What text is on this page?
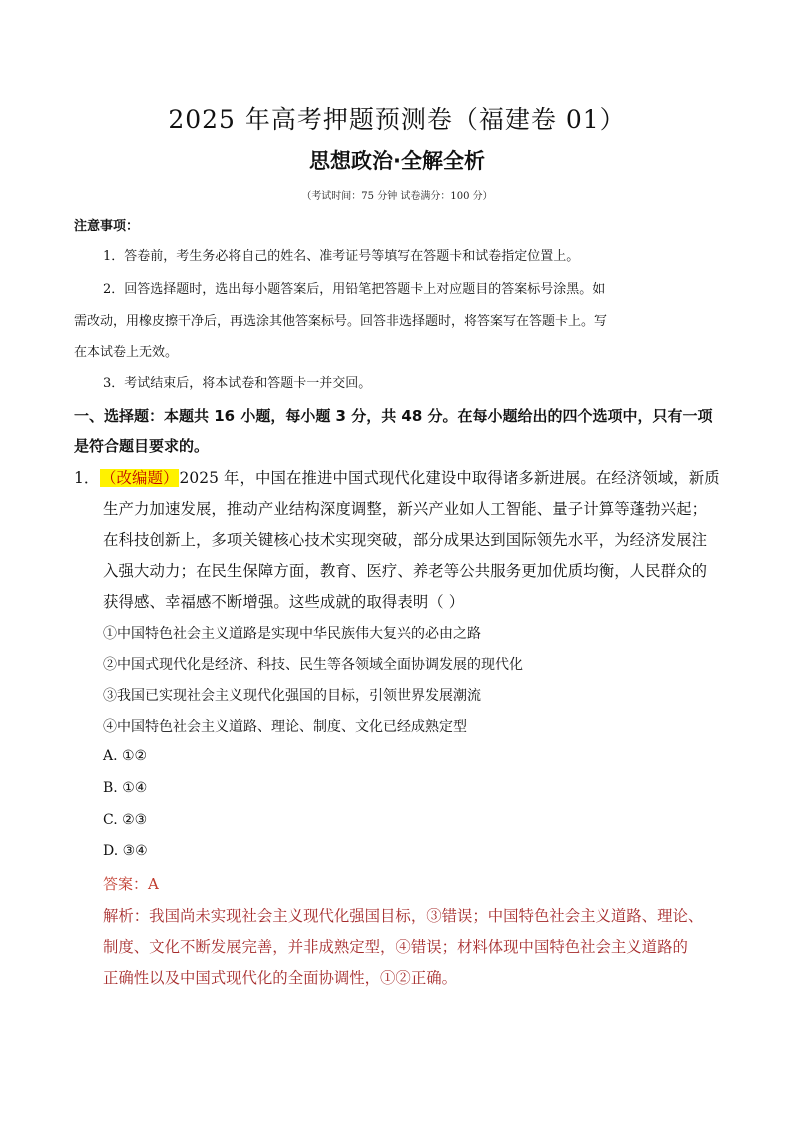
2025 年高考押题预测卷（福建卷 01）
思想政治·全解全析
（考试时间：75 分钟 试卷满分：100 分）
注意事项：
1．答卷前，考生务必将自己的姓名、准考证号等填写在答题卡和试卷指定位置上。
2．回答选择题时，选出每小题答案后，用铅笔把答题卡上对应题目的答案标号涂黑。如
需改动，用橡皮擦干净后，再选涂其他答案标号。回答非选择题时，将答案写在答题卡上。写
在本试卷上无效。
3．考试结束后，将本试卷和答题卡一并交回。
一、选择题：本题共 16 小题，每小题 3 分，共 48 分。在每小题给出的四个选项中，只有一项
是符合题目要求的。
1． （改编题）2025 年，中国在推进中国式现代化建设中取得诸多新进展。在经济领域，新质
生产力加速发展，推动产业结构深度调整，新兴产业如人工智能、量子计算等蓬勃兴起；
在科技创新上，多项关键核心技术实现突破，部分成果达到国际领先水平，为经济发展注
入强大动力；在民生保障方面，教育、医疗、养老等公共服务更加优质均衡，人民群众的
获得感、幸福感不断增强。这些成就的取得表明（ ）
①中国特色社会主义道路是实现中华民族伟大复兴的必由之路
②中国式现代化是经济、科技、民生等各领域全面协调发展的现代化
③我国已实现社会主义现代化强国的目标，引领世界发展潮流
④中国特色社会主义道路、理论、制度、文化已经成熟定型
A. ①②
B. ①④
C. ②③
D. ③④
答案：A
解析：我国尚未实现社会主义现代化强国目标，③错误；中国特色社会主义道路、理论、
制度、文化不断发展完善，并非成熟定型，④错误；材料体现中国特色社会主义道路的
正确性以及中国式现代化的全面协调性，①②正确。
